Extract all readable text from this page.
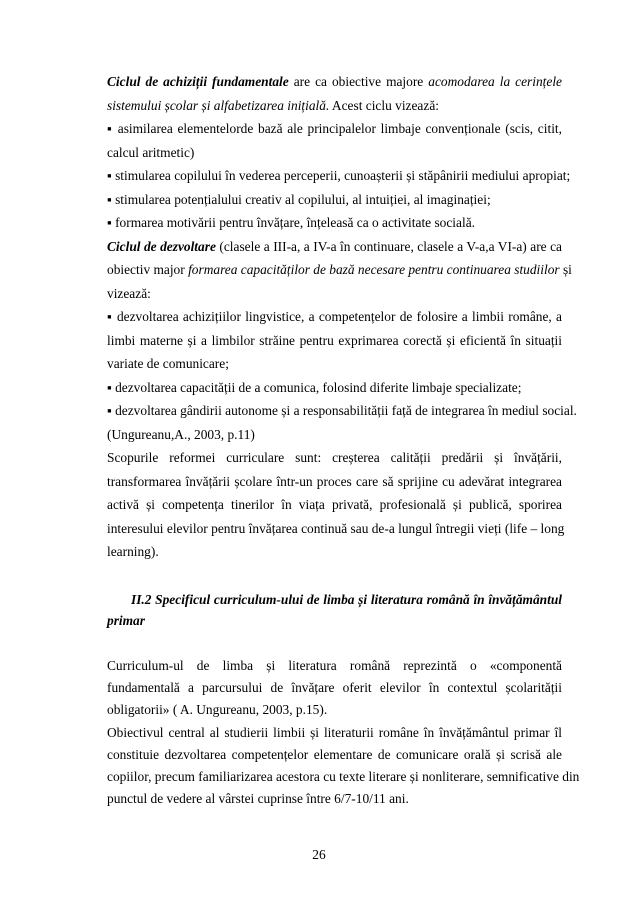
Ciclul de achiziții fundamentale are ca obiective majore acomodarea la cerințele
sistemului școlar și alfabetizarea inițială. Acest ciclu vizează:
▪ asimilarea elementelorde bază ale principalelor limbaje convenționale (scis, citit,
calcul aritmetic)
▪ stimularea copilului în vederea perceperii, cunoașterii și stăpânirii mediului apropiat;
▪ stimularea potențialului creativ al copilului, al intuiției, al imaginației;
▪ formarea motivării pentru învățare, înțeleasă ca o activitate socială.
Ciclul de dezvoltare (clasele a III-a, a IV-a în continuare, clasele a V-a,a VI-a) are ca
obiectiv major formarea capacităților de bază necesare pentru continuarea studiilor și
vizează:
▪ dezvoltarea achizițiilor lingvistice, a competențelor de folosire a limbii române, a
limbi materne și a limbilor străine pentru exprimarea corectă și eficientă în situații
variate de comunicare;
▪ dezvoltarea capacității de a comunica, folosind diferite limbaje specializate;
▪ dezvoltarea gândirii autonome și a responsabilității față de integrarea în mediul social.
(Ungureanu,A., 2003, p.11)
Scopurile reformei curriculare sunt: creșterea calității predării și învățării,
transformarea învățării școlare într-un proces care să sprijine cu adevărat integrarea
activă și competența tinerilor în viața privată, profesională și publică, sporirea
interesului elevilor pentru învățarea continuă sau de-a lungul întregii vieți (life – long
learning).
II.2 Specificul curriculum-ului de limba și literatura română în învățământul
primar
Curriculum-ul de limba și literatura română reprezintă o «componentă
fundamentală a parcursului de învățare oferit elevilor în contextul școlarității
obligatorii» ( A. Ungureanu, 2003, p.15).
Obiectivul central al studierii limbii și literaturii române în învățământul primar îl
constituie dezvoltarea competențelor elementare de comunicare orală și scrisă ale
copiilor, precum familiarizarea acestora cu texte literare și nonliterare, semnificative din
punctul de vedere al vârstei cuprinse între 6/7-10/11 ani.
26
